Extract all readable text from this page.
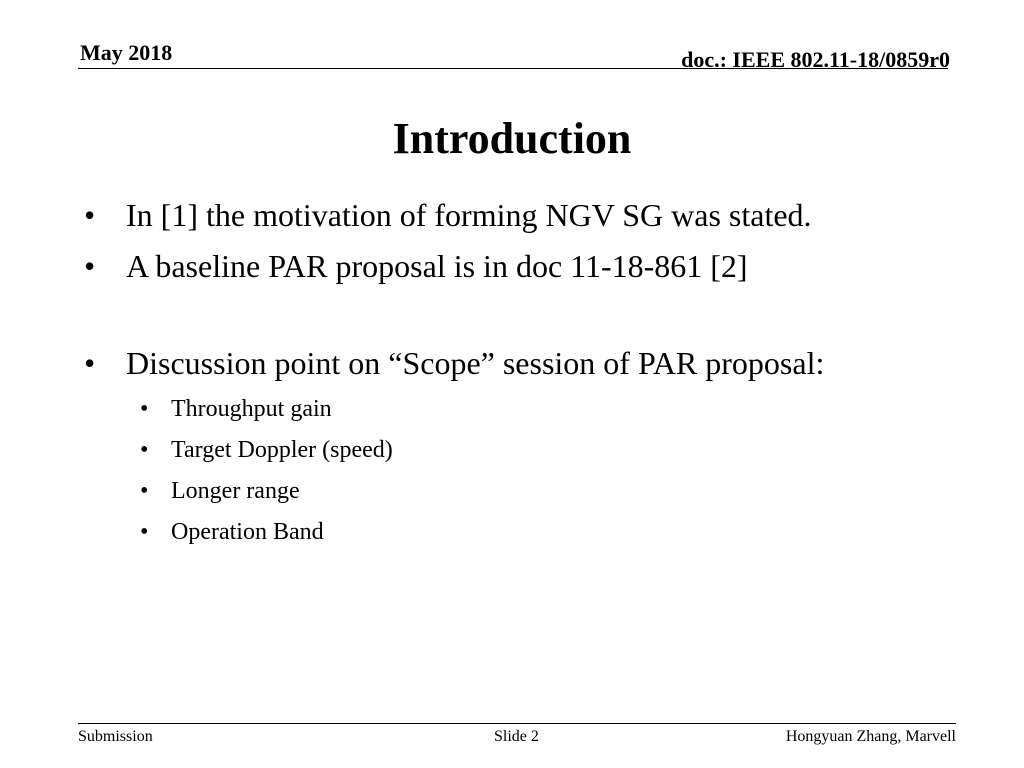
May 2018	doc.: IEEE 802.11-18/0859r0
Introduction
• In [1] the motivation of forming NGV SG was stated.
• A baseline PAR proposal is in doc 11-18-861 [2]
• Discussion point on “Scope” session of PAR proposal:
• Throughput gain
• Target Doppler (speed)
• Longer range
• Operation Band
Submission	Slide 2	Hongyuan Zhang, Marvell
